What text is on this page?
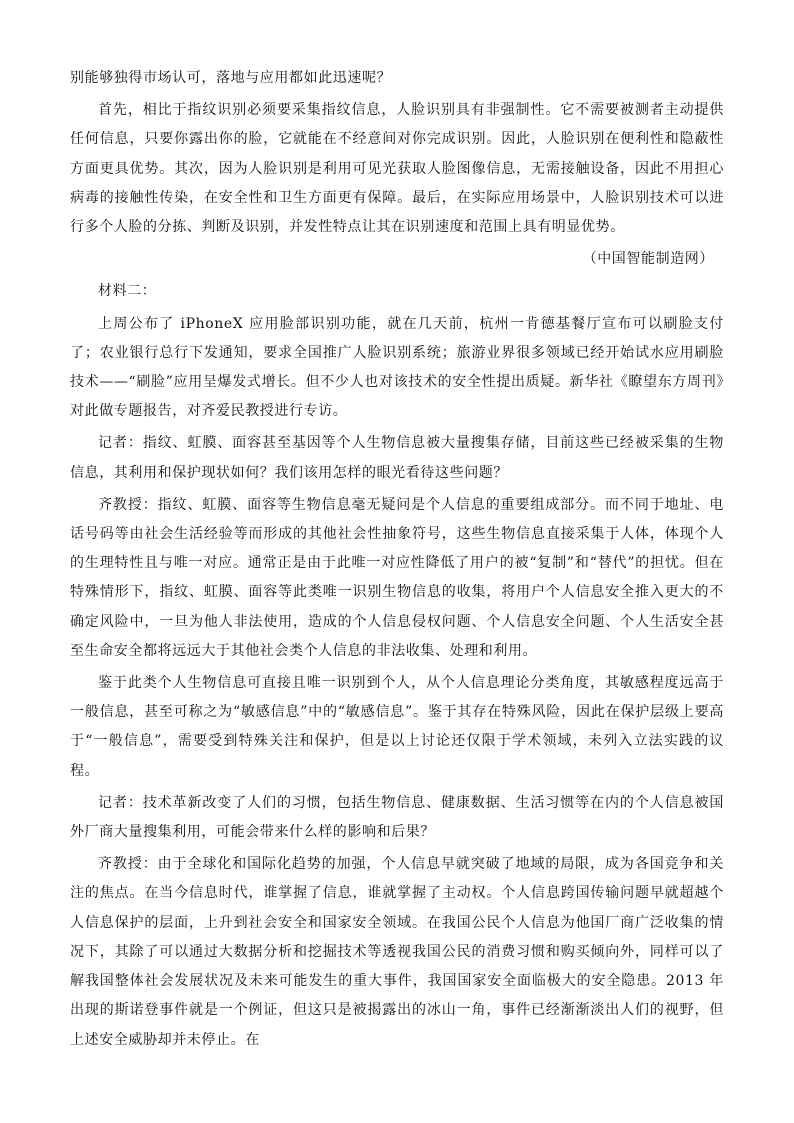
别能够独得市场认可，落地与应用都如此迅速呢？

首先，相比于指纹识别必须要采集指纹信息，人脸识别具有非强制性。它不需要被测者主动提供任何信息，只要你露出你的脸，它就能在不经意间对你完成识别。因此，人脸识别在便利性和隐蔽性方面更具优势。其次，因为人脸识别是利用可见光获取人脸图像信息，无需接触设备，因此不用担心病毒的接触性传染，在安全性和卫生方面更有保障。最后，在实际应用场景中，人脸识别技术可以进行多个人脸的分拣、判断及识别，并发性特点让其在识别速度和范围上具有明显优势。

（中国智能制造网）

材料二：

上周公布了 iPhoneX 应用脸部识别功能，就在几天前，杭州一肯德基餐厅宣布可以刷脸支付了；农业银行总行下发通知，要求全国推广人脸识别系统；旅游业界很多领域已经开始试水应用刷脸技术——“刷脸”应用呈爆发式增长。但不少人也对该技术的安全性提出质疑。新华社《瞭望东方周刊》对此做专题报告，对齐爱民教授进行专访。

记者：指纹、虹膜、面容甚至基因等个人生物信息被大量搜集存储，目前这些已经被采集的生物信息，其利用和保护现状如何？我们该用怎样的眼光看待这些问题？

齐教授：指纹、虹膜、面容等生物信息毫无疑问是个人信息的重要组成部分。而不同于地址、电话号码等由社会生活经验等而形成的其他社会性抽象符号，这些生物信息直接采集于人体，体现个人的生理特性且与唯一对应。通常正是由于此唯一对应性降低了用户的被“复制”和“替代”的担忧。但在特殊情形下，指纹、虹膜、面容等此类唯一识别生物信息的收集，将用户个人信息安全推入更大的不确定风险中，一旦为他人非法使用，造成的个人信息侵权问题、个人信息安全问题、个人生活安全甚至生命安全都将远远大于其他社会类个人信息的非法收集、处理和利用。

鉴于此类个人生物信息可直接且唯一识别到个人，从个人信息理论分类角度，其敏感程度远高于一般信息，甚至可称之为“敏感信息”中的“敏感信息”。鉴于其存在特殊风险，因此在保护层级上要高于“一般信息”，需要受到特殊关注和保护，但是以上讨论还仅限于学术领域，未列入立法实践的议程。

记者：技术革新改变了人们的习惯，包括生物信息、健康数据、生活习惯等在内的个人信息被国外厂商大量搜集利用，可能会带来什么样的影响和后果？

齐教授：由于全球化和国际化趋势的加强，个人信息早就突破了地域的局限，成为各国竞争和关注的焦点。在当今信息时代，谁掌握了信息，谁就掌握了主动权。个人信息跨国传输问题早就超越个人信息保护的层面，上升到社会安全和国家安全领域。在我国公民个人信息为他国厂商广泛收集的情况下，其除了可以通过大数据分析和挖掘技术等透视我国公民的消费习惯和购买倾向外，同样可以了解我国整体社会发展状况及未来可能发生的重大事件，我国国家安全面临极大的安全隐患。2013 年出现的斯诺登事件就是一个例证，但这只是被揭露出的冰山一角，事件已经渐渐淡出人们的视野，但上述安全威胁却并未停止。在
